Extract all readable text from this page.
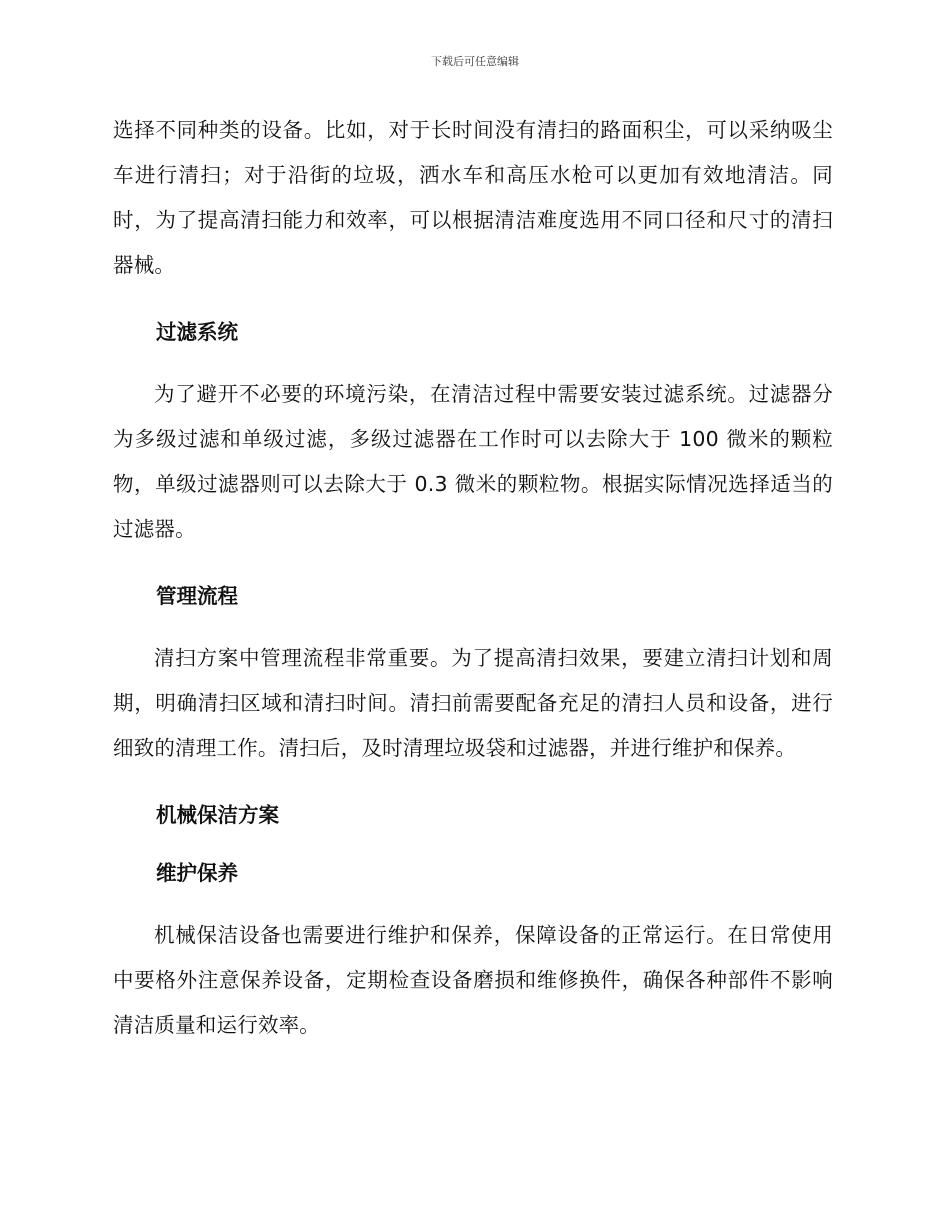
下载后可任意编辑

选择不同种类的设备。比如，对于长时间没有清扫的路面积尘，可以采纳吸尘车进行清扫；对于沿街的垃圾，洒水车和高压水枪可以更加有效地清洁。同时，为了提高清扫能力和效率，可以根据清洁难度选用不同口径和尺寸的清扫器械。

过滤系统

为了避开不必要的环境污染，在清洁过程中需要安装过滤系统。过滤器分为多级过滤和单级过滤，多级过滤器在工作时可以去除大于 100 微米的颗粒物，单级过滤器则可以去除大于 0.3 微米的颗粒物。根据实际情况选择适当的过滤器。

管理流程

清扫方案中管理流程非常重要。为了提高清扫效果，要建立清扫计划和周期，明确清扫区域和清扫时间。清扫前需要配备充足的清扫人员和设备，进行细致的清理工作。清扫后，及时清理垃圾袋和过滤器，并进行维护和保养。

机械保洁方案
维护保养

机械保洁设备也需要进行维护和保养，保障设备的正常运行。在日常使用中要格外注意保养设备，定期检查设备磨损和维修换件，确保各种部件不影响清洁质量和运行效率。
